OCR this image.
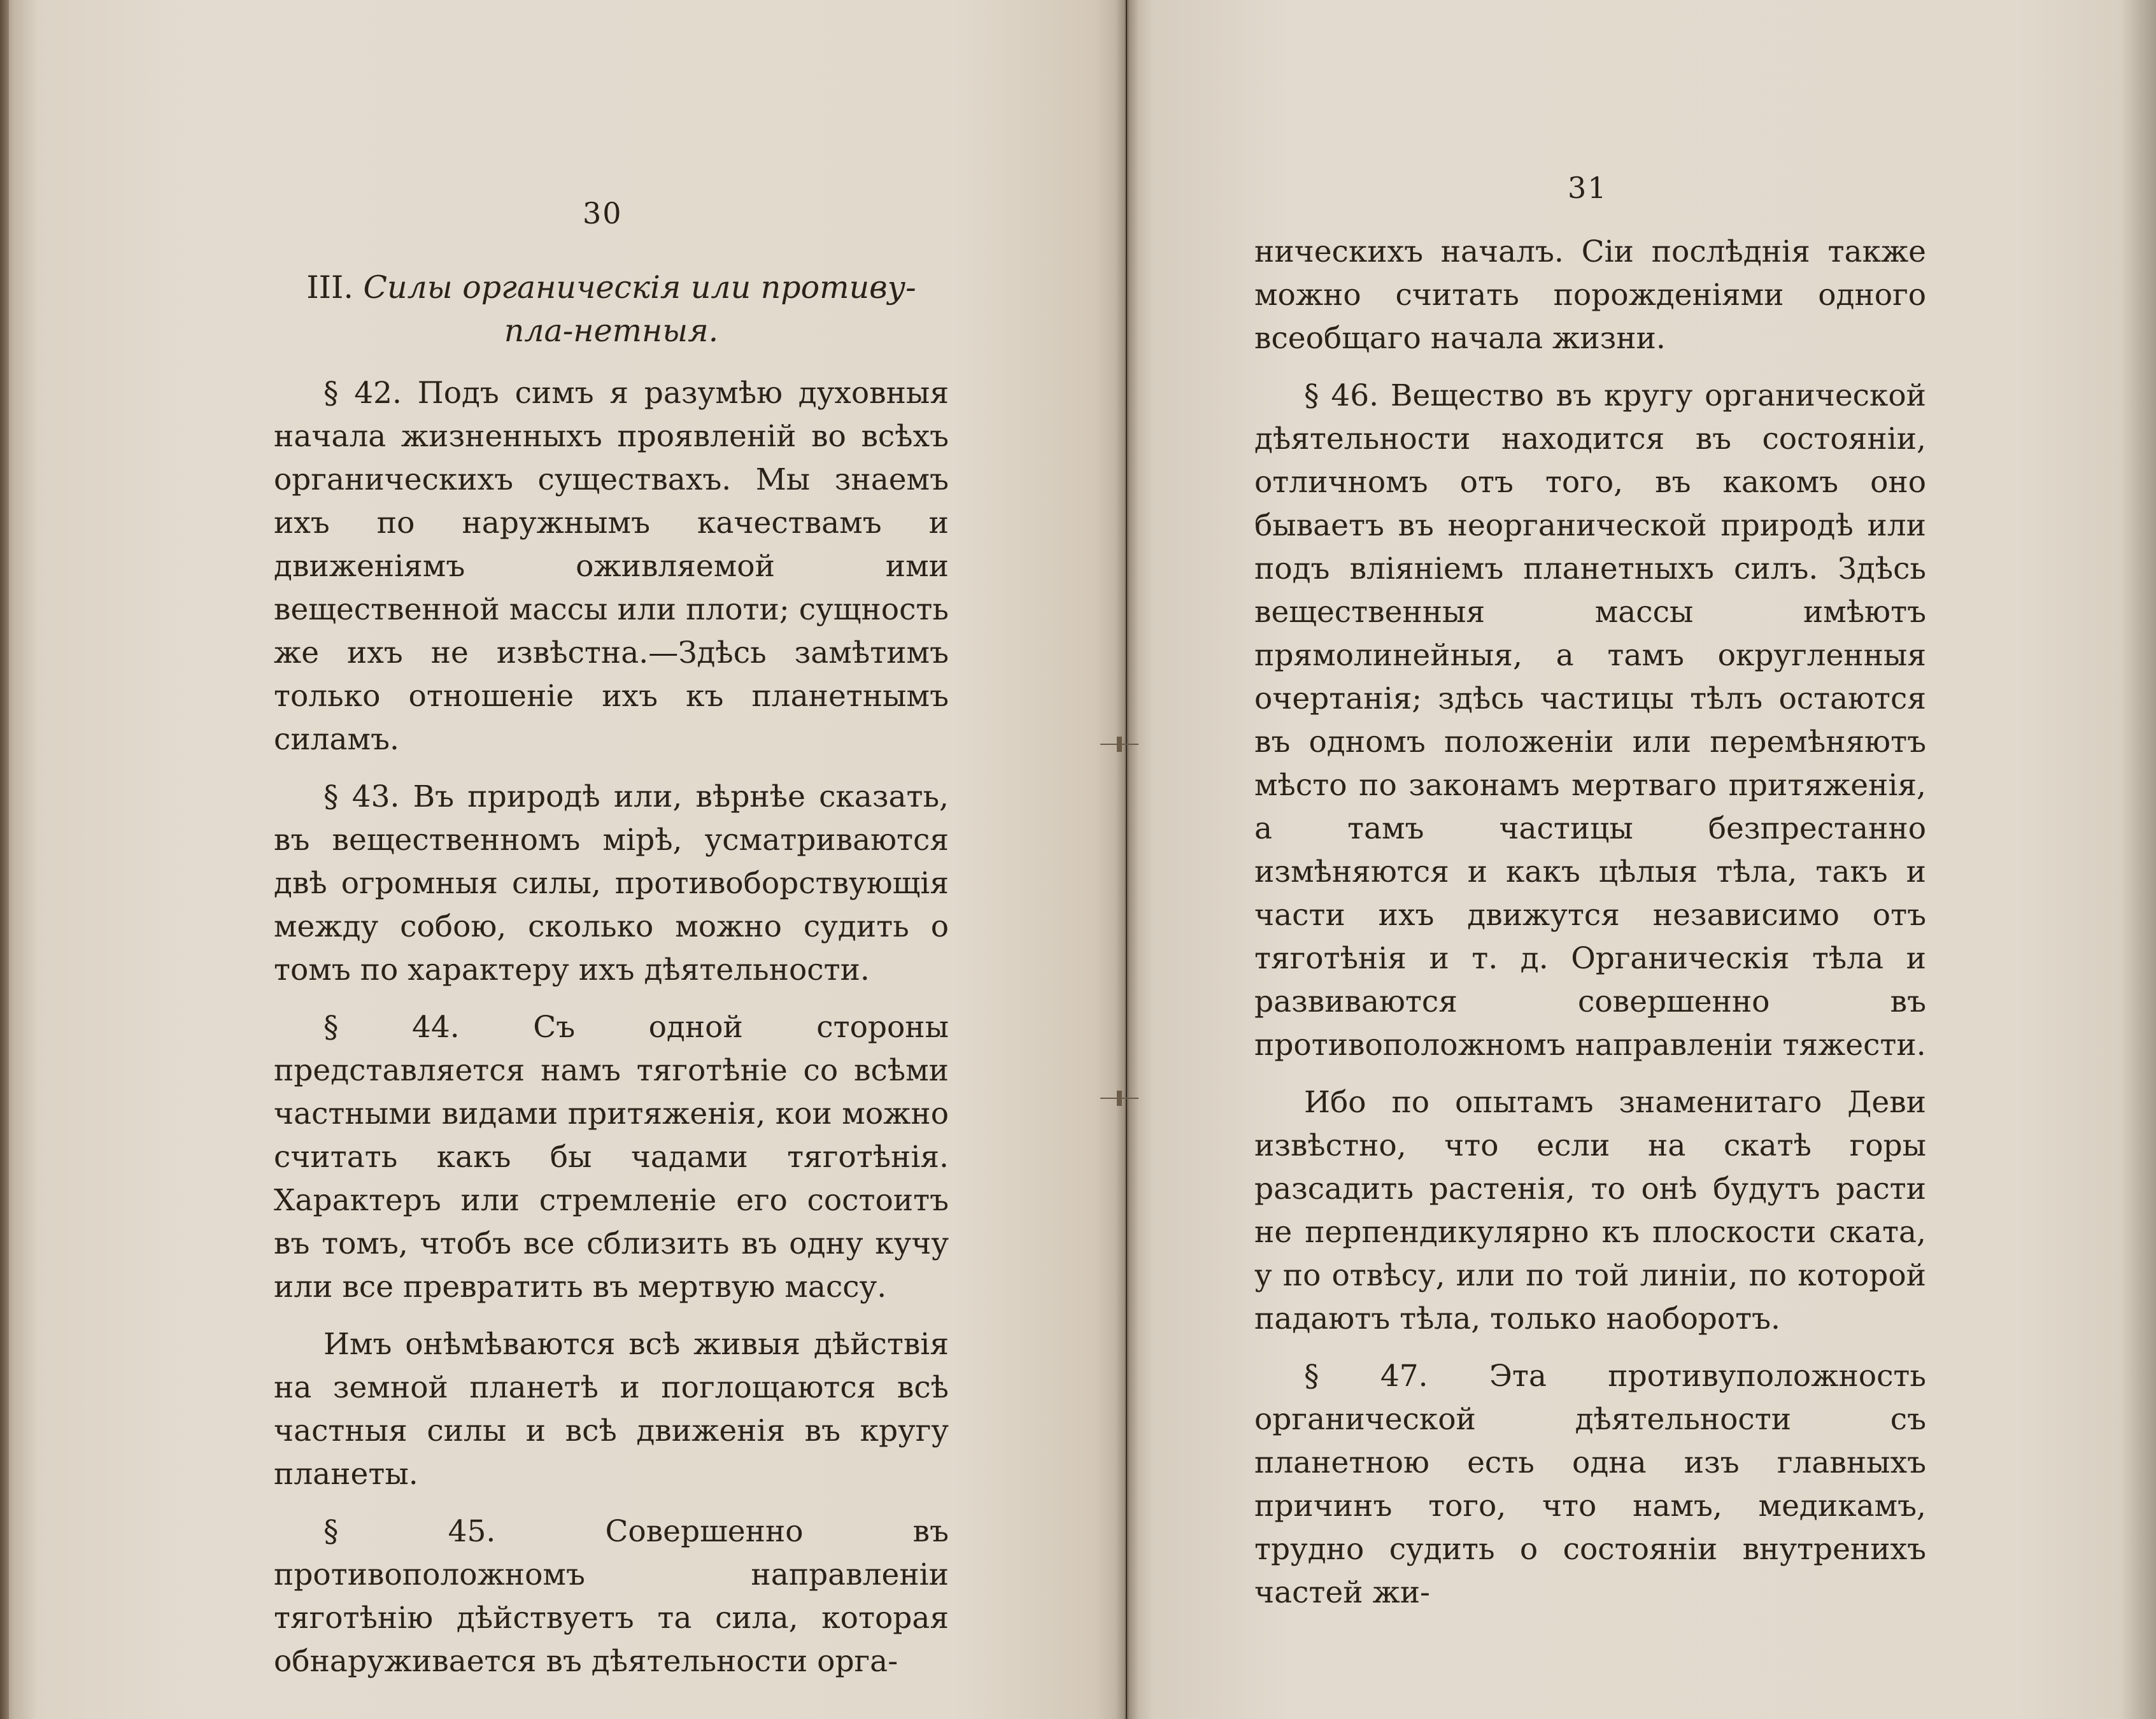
30
III. Силы органическія или противу-пла-нетныя.

§ 42. Подъ симъ я разумѣю духовныя начала жизненныхъ проявленій во всѣхъ органическихъ существахъ. Мы знаемъ ихъ по наружнымъ качествамъ и движеніямъ оживляемой ими вещественной массы или плоти; сущность же ихъ не извѣстна.—Здѣсь замѣтимъ только отношеніе ихъ къ планетнымъ силамъ.

§ 43. Въ природѣ или, вѣрнѣе сказать, въ вещественномъ мірѣ, усматриваются двѣ огромныя силы, противоборствующія между собою, сколько можно судить о томъ по характеру ихъ дѣятельности.

§ 44. Съ одной стороны представляется намъ тяготѣніе со всѣми частными видами притяженія, кои можно считать какъ бы чадами тяготѣнія. Характеръ или стремленіе его состоитъ въ томъ, чтобъ все сблизить въ одну кучу или все превратить въ мертвую массу.

Имъ онѣмѣваются всѣ живыя дѣйствія на земной планетѣ и поглощаются всѣ частныя силы и всѣ движенія въ кругу планеты.

§ 45. Совершенно въ противоположномъ направленіи тяготѣнію дѣйствуетъ та сила, которая обнаруживается въ дѣятельности орга-

31

ническихъ началъ. Сіи послѣднія также можно считать порожденіями одного всеобщаго начала жизни.

§ 46. Вещество въ кругу органической дѣятельности находится въ состояніи, отличномъ отъ того, въ какомъ оно бываетъ въ неорганической природѣ или подъ вліяніемъ планетныхъ силъ. Здѣсь вещественныя массы имѣютъ прямолинейныя, а тамъ округленныя очертанія; здѣсь частицы тѣлъ остаются въ одномъ положеніи или перемѣняютъ мѣсто по законамъ мертваго притяженія, а тамъ частицы безпрестанно измѣняются и какъ цѣлыя тѣла, такъ и части ихъ движутся независимо отъ тяготѣнія и т. д. Органическія тѣла и развиваются совершенно въ противоположномъ направленіи тяжести.

Ибо по опытамъ знаменитаго Деви извѣстно, что если на скатѣ горы разсадить растенія, то онѣ будутъ расти не перпендикулярно къ плоскости ската, у по отвѣсу, или по той линіи, по которой падаютъ тѣла, только наоборотъ.

§ 47. Эта противуположность органической дѣятельности съ планетною есть одна изъ главныхъ причинъ того, что намъ, медикамъ, трудно судить о состояніи внутренихъ частей жи-
